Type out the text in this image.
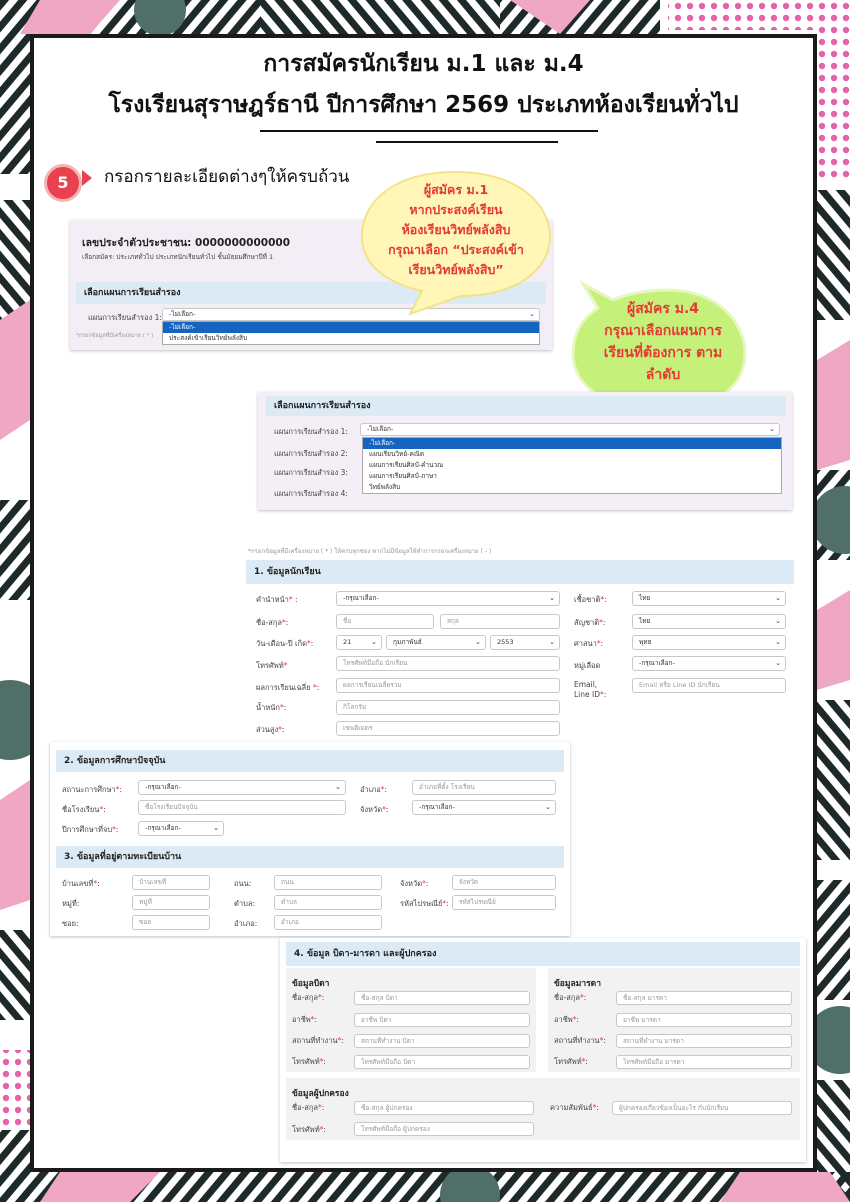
การสมัครนักเรียน ม.1 และ ม.4
โรงเรียนสุราษฎร์ธานี ปีการศึกษา 2569 ประเภทห้องเรียนทั่วไป
5	กรอกรายละเอียดต่างๆให้ครบถ้วน
เลขประจำตัวประชาชน: 0000000000000
เลือกสมัคร: ประเภททั่วไป ประเภทนักเรียนทั่วไป ชั้นมัธยมศึกษาปีที่ 1
เลือกแผนการเรียนสำรอง
แผนการเรียนสำรอง 1:	-ไม่เลือก-	⌄
*กรอกข้อมูลที่มีเครื่องหมาย ( * )
-ไม่เลือก-
ประสงค์เข้าเรียนวิทย์พลังสิบ
ผู้สมัคร ม.1
หากประสงค์เรียน
ห้องเรียนวิทย์พลังสิบ
กรุณาเลือก “ประสงค์เข้า
เรียนวิทย์พลังสิบ”
ผู้สมัคร ม.4
กรุณาเลือกแผนการ
เรียนที่ต้องการ ตาม
ลำดับ
เลือกแผนการเรียนสำรอง
แผนการเรียนสำรอง 1:
แผนการเรียนสำรอง 2:
แผนการเรียนสำรอง 3:
แผนการเรียนสำรอง 4:
-ไม่เลือก-	⌄
-ไม่เลือก-
แผนเรียนวิทย์-คณิต
แผนการเรียนศิลป์-คำนวณ
แผนการเรียนศิลป์-ภาษา
วิทย์พลังสิบ
*กรอกข้อมูลที่มีเครื่องหมาย ( * ) ให้ครบทุกช่อง หากไม่มีข้อมูลให้ทำการกรอกเครื่องหมาย ( - )
1. ข้อมูลนักเรียน
คำนำหน้า* :	-กรุณาเลือก-	⌄
ชื่อ-สกุล*:	ชื่อ	สกุล
วัน-เดือน-ปี เกิด*:	21	⌄	กุมภาพันธ์	⌄	2553	⌄
โทรศัพท์*	โทรศัพท์มือถือ นักเรียน
ผลการเรียนเฉลี่ย *:	ผลการเรียนเฉลี่ยรวม
น้ำหนัก*:	กิโลกรัม
ส่วนสูง*:	เซนติเมตร
เชื้อชาติ*:	ไทย	⌄
สัญชาติ*:	ไทย	⌄
ศาสนา*:	พุทธ	⌄
หมู่เลือด	-กรุณาเลือก-	⌄
Email,
Line ID*:
Email หรือ Line ID นักเรียน
2. ข้อมูลการศึกษาปัจจุบัน
สถานะการศึกษา*:	-กรุณาเลือก-	⌄	อำเภอ*:	อำเภอที่ตั้ง โรงเรียน
ชื่อโรงเรียน*:	ชื่อโรงเรียนปัจจุบัน	จังหวัด*:	-กรุณาเลือก-	⌄
ปีการศึกษาที่จบ*:	-กรุณาเลือก-	⌄
3. ข้อมูลที่อยู่ตามทะเบียนบ้าน
บ้านเลขที่*:	บ้านเลขที่	ถนน:	ถนน	จังหวัด*:	จังหวัด
หมู่ที่:	หมู่ที่	ตำบล:	ตำบล	รหัสไปรษณีย์*:	รหัสไปรษณีย์
ซอย:	ซอย	อำเภอ:	อำเภอ
4. ข้อมูล บิดา-มารดา และผู้ปกครอง
ข้อมูลบิดา
ชื่อ-สกุล*:	ชื่อ-สกุล บิดา
อาชีพ*:	อาชีพ บิดา
สถานที่ทำงาน*:	สถานที่ทำงาน บิดา
โทรศัพท์*:	โทรศัพท์มือถือ บิดา
ข้อมูลมารดา
ชื่อ-สกุล*:	ชื่อ-สกุล มารดา
อาชีพ*:	อาชีพ มารดา
สถานที่ทำงาน*:	สถานที่ทำงาน มารดา
โทรศัพท์*:	โทรศัพท์มือถือ มารดา
ข้อมูลผู้ปกครอง
ชื่อ-สกุล*:	ชื่อ-สกุล ผู้ปกครอง	ความสัมพันธ์*:	ผู้ปกครองเกี่ยวข้องเป็นอะไร กับนักเรียน
โทรศัพท์*:	โทรศัพท์มือถือ ผู้ปกครอง
